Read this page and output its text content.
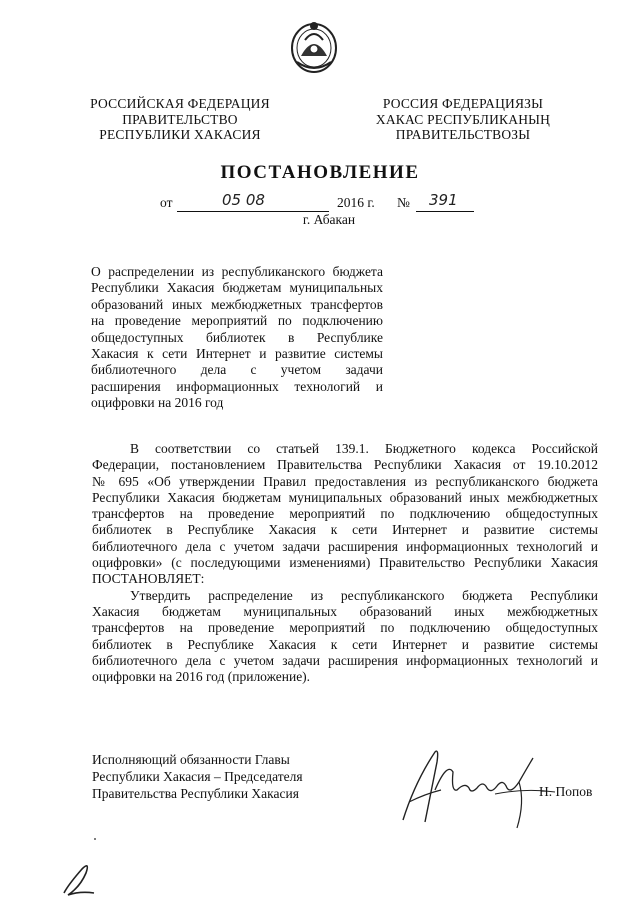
РОССИЙСКАЯ ФЕДЕРАЦИЯ
ПРАВИТЕЛЬСТВО
РЕСПУБЛИКИ ХАКАСИЯ
РОССИЯ ФЕДЕРАЦИЯЗЫ
ХАКАС РЕСПУБЛИКАНЫҢ
ПРАВИТЕЛЬСТВОЗЫ
ПОСТАНОВЛЕНИЕ
от	05 08	2016 г. № 391
г. Абакан
О распределении из республиканского бюджета
Республики Хакасия бюджетам муниципальных
образований иных межбюджетных трансфертов
на проведение мероприятий по подключению
общедоступных библиотек в Республике
Хакасия к сети Интернет и развитие системы
библиотечного дела с учетом задачи
расширения информационных технологий и
оцифровки на 2016 год
В соответствии со статьей 139.1. Бюджетного кодекса Российской
Федерации, постановлением Правительства Республики Хакасия от 19.10.2012
№ 695 «Об утверждении Правил предоставления из республиканского бюджета
Республики Хакасия бюджетам муниципальных образований иных межбюджетных
трансфертов на проведение мероприятий по подключению общедоступных
библиотек в Республике Хакасия к сети Интернет и развитие системы
библиотечного дела с учетом задачи расширения информационных технологий и
оцифровки» (с последующими изменениями) Правительство Республики Хакасия
ПОСТАНОВЛЯЕТ:
Утвердить распределение из республиканского бюджета Республики
Хакасия бюджетам муниципальных образований иных межбюджетных
трансфертов на проведение мероприятий по подключению общедоступных
библиотек в Республике Хакасия к сети Интернет и развитие системы
библиотечного дела с учетом задачи расширения информационных технологий и
оцифровки на 2016 год (приложение).
Исполняющий обязанности Главы
Республики Хакасия – Председателя
Правительства Республики Хакасия	Н. Попов
